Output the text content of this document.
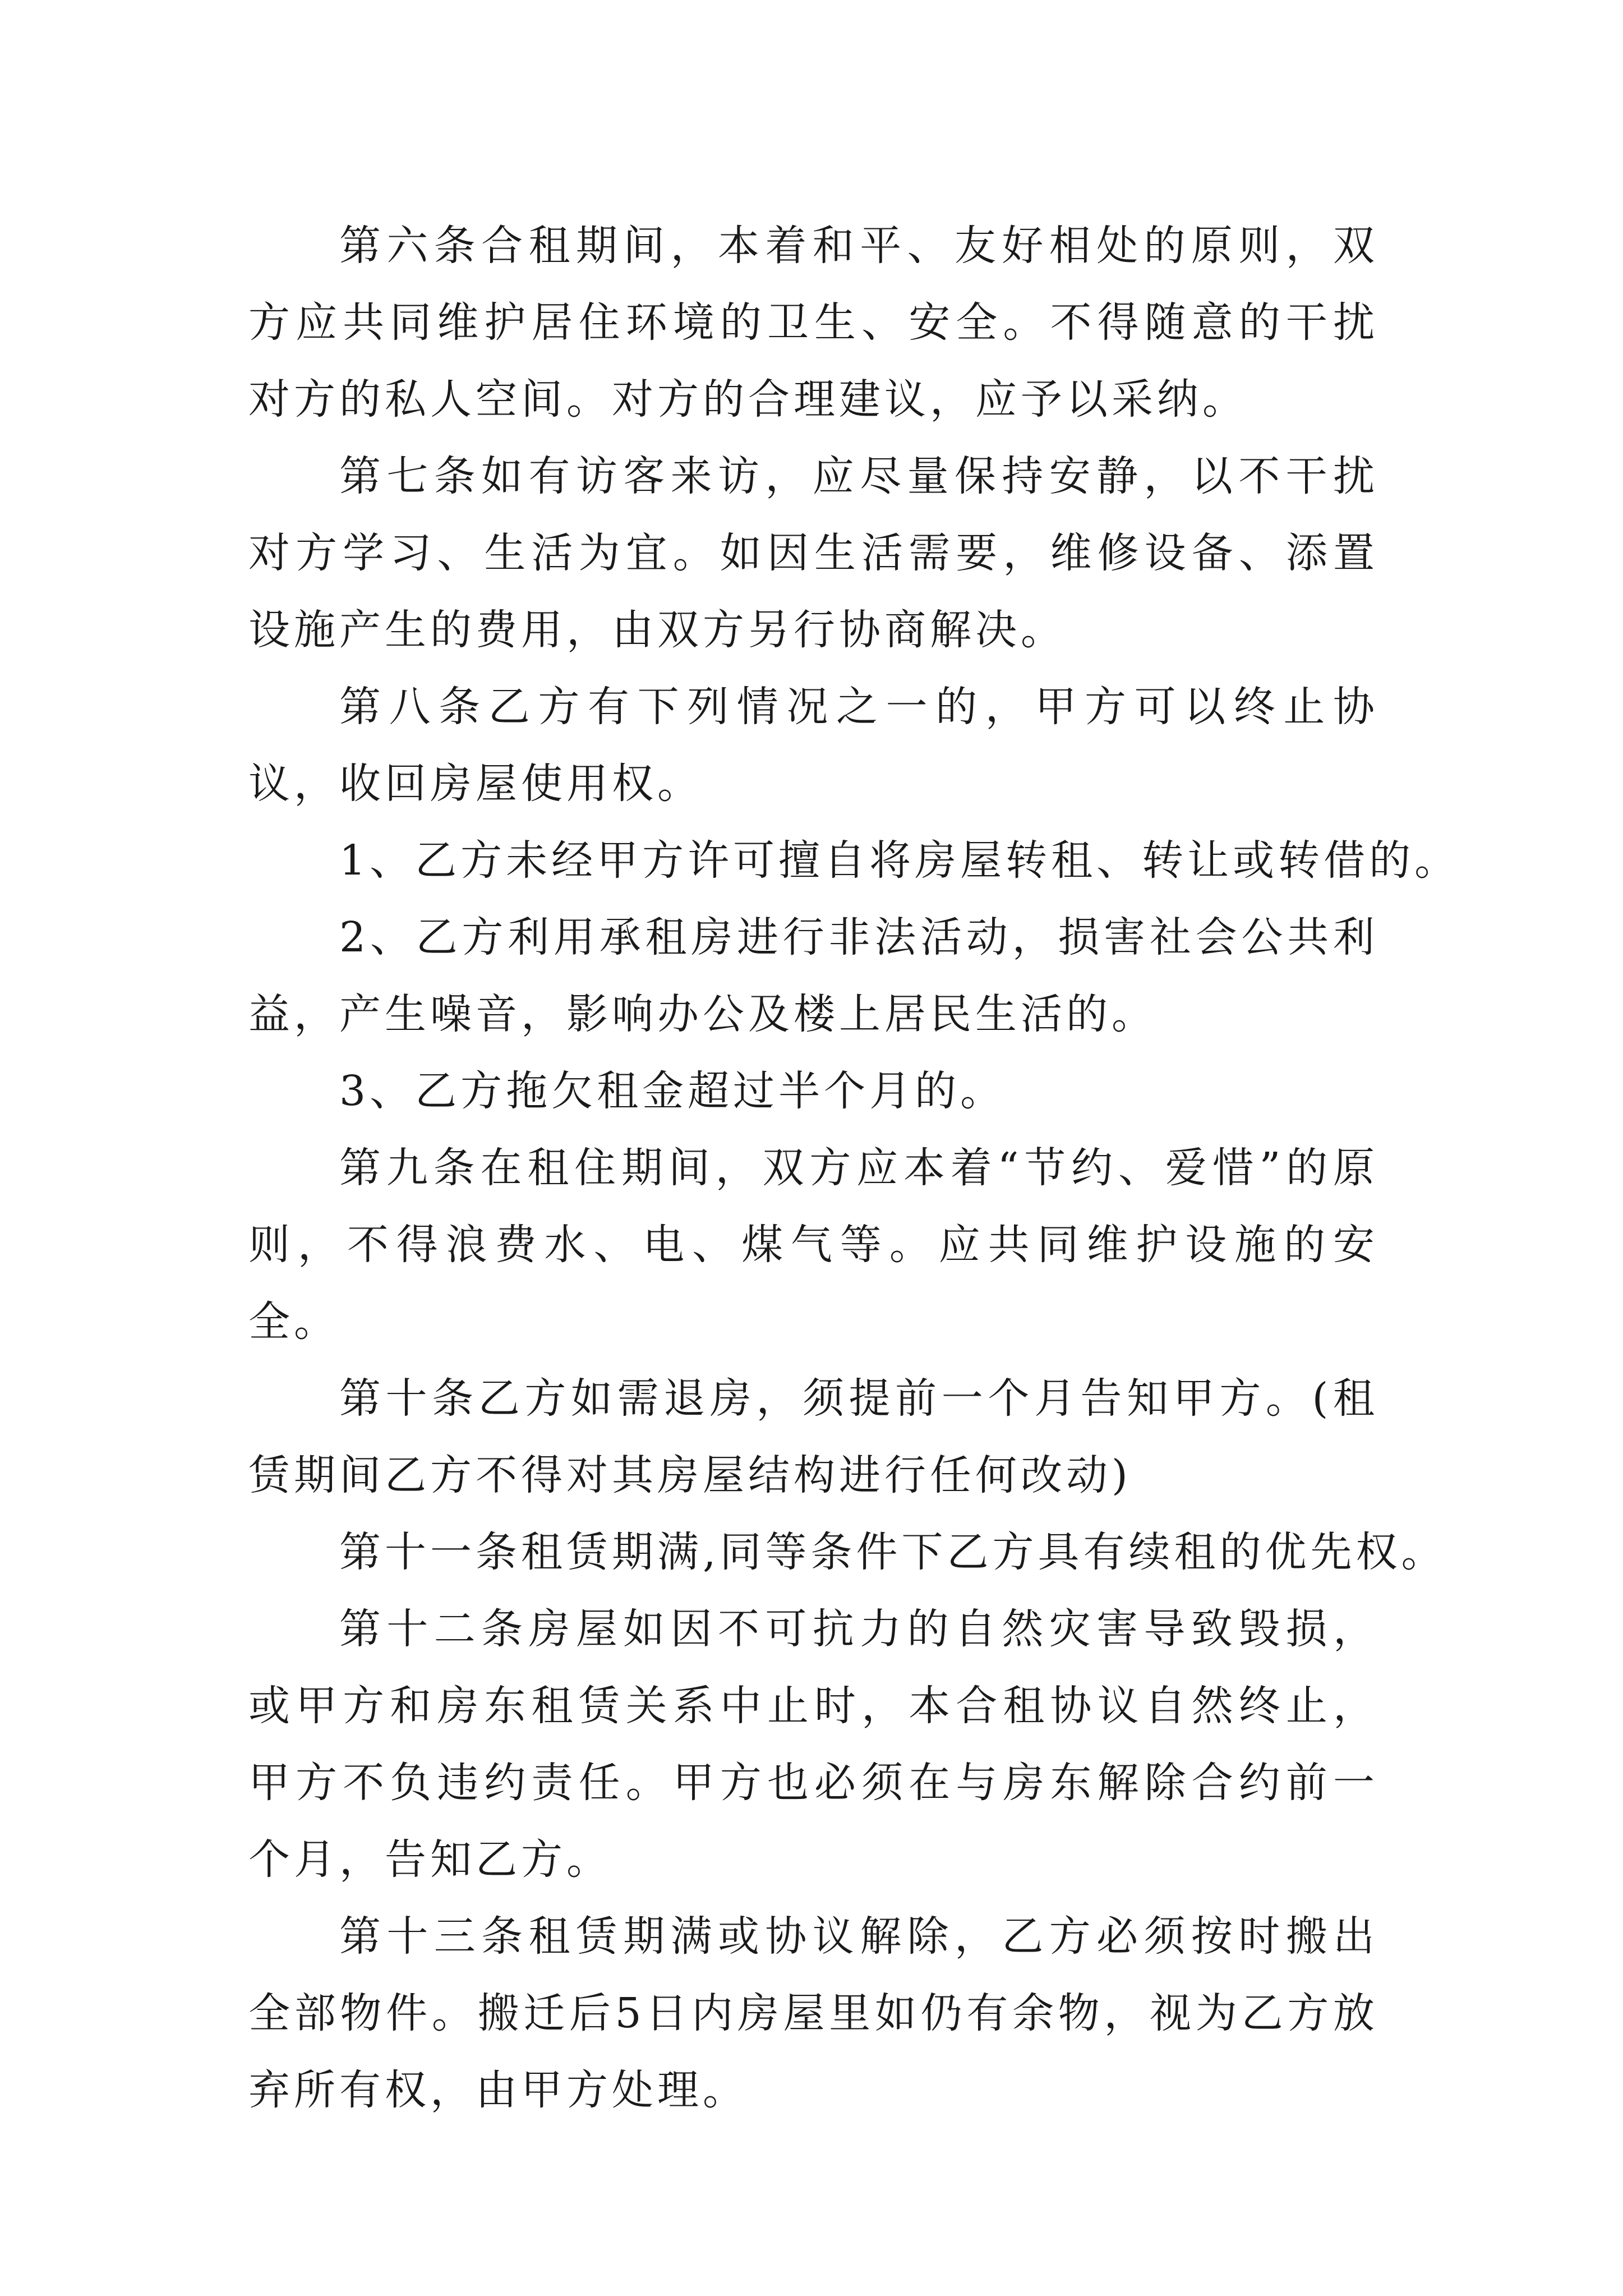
第六条合租期间，本着和平、友好相处的原则，双方应共同维护居住环境的卫生、安全。不得随意的干扰对方的私人空间。对方的合理建议，应予以采纳。

第七条如有访客来访，应尽量保持安静，以不干扰对方学习、生活为宜。如因生活需要，维修设备、添置设施产生的费用，由双方另行协商解决。

第八条乙方有下列情况之一的，甲方可以终止协议，收回房屋使用权。

1、乙方未经甲方许可擅自将房屋转租、转让或转借的。

2、乙方利用承租房进行非法活动，损害社会公共利益，产生噪音，影响办公及楼上居民生活的。

3、乙方拖欠租金超过半个月的。

第九条在租住期间，双方应本着“节约、爱惜”的原则，不得浪费水、电、煤气等。应共同维护设施的安全。

第十条乙方如需退房，须提前一个月告知甲方。(租赁期间乙方不得对其房屋结构进行任何改动)

第十一条租赁期满,同等条件下乙方具有续租的优先权。

第十二条房屋如因不可抗力的自然灾害导致毁损，或甲方和房东租赁关系中止时，本合租协议自然终止，甲方不负违约责任。甲方也必须在与房东解除合约前一个月，告知乙方。

第十三条租赁期满或协议解除，乙方必须按时搬出全部物件。搬迁后5日内房屋里如仍有余物，视为乙方放弃所有权，由甲方处理。
